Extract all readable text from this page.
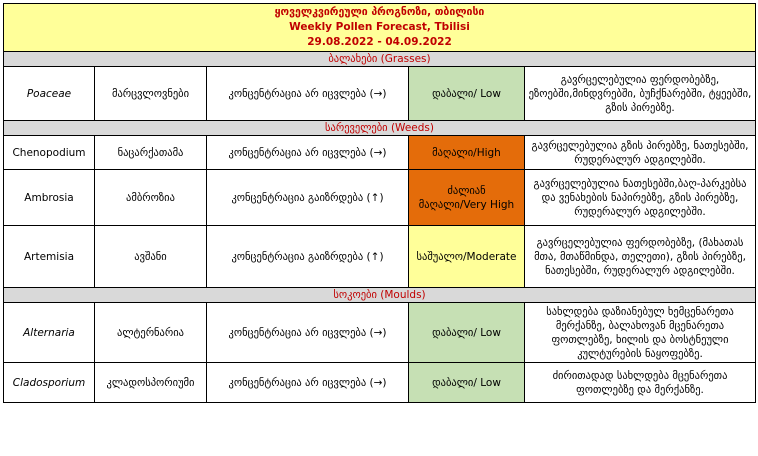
ყოველკვირეული პროგნოზი, თბილისი
Weekly Pollen Forecast, Tbilisi
29.08.2022 - 04.09.2022				

ბალახები (Grasses)				
Poaceae	მარცვლოვნები	კონცენტრაცია არ იცვლება (→)	დაბალი/ Low	გავრცელებულია ფერდობებზე, ეზოებში,მინდვრებში, ბუჩქნარებში, ტყეებში, გზის პირებზე.
სარეველები (Weeds)				
Chenopodium	ნაცარქათამა	კონცენტრაცია არ იცვლება (→)	მაღალი/High	გავრცელებულია გზის პირებზე, ნათესებში, რუდერალურ ადგილებში.
Ambrosia	ამბროზია	კონცენტრაცია გაიზრდება (↑)	ძალიან მაღალი/Very High	გავრცელებულია ნათესებში,ბაღ-პარკებსა და ვენახების ნაპირებზე, გზის პირებზე, რუდერალურ ადგილებში.
Artemisia	ავშანი	კონცენტრაცია გაიზრდება (↑)	საშუალო/Moderate	გავრცელებულია ფერდობებზე, (მახათას მთა, მთაწმინდა, თელეთი), გზის პირებზე, ნათესებში, რუდერალურ ადგილებში.
სოკოები (Moulds)				
Alternaria	ალტერნარია	კონცენტრაცია არ იცვლება (→)	დაბალი/ Low	სახლდება დაზიანებულ ხემცენარეთა მერქანზე, ბალახოვან მცენარეთა ფოთლებზე, ხილის და ბოსტნეული კულტურების ნაყოფებზე.
Cladosporium	კლადოსპორიუმი	კონცენტრაცია არ იცვლება (→)	დაბალი/ Low	ძირითადად სახლდება მცენარეთა ფოთლებზე და მერქანზე.
